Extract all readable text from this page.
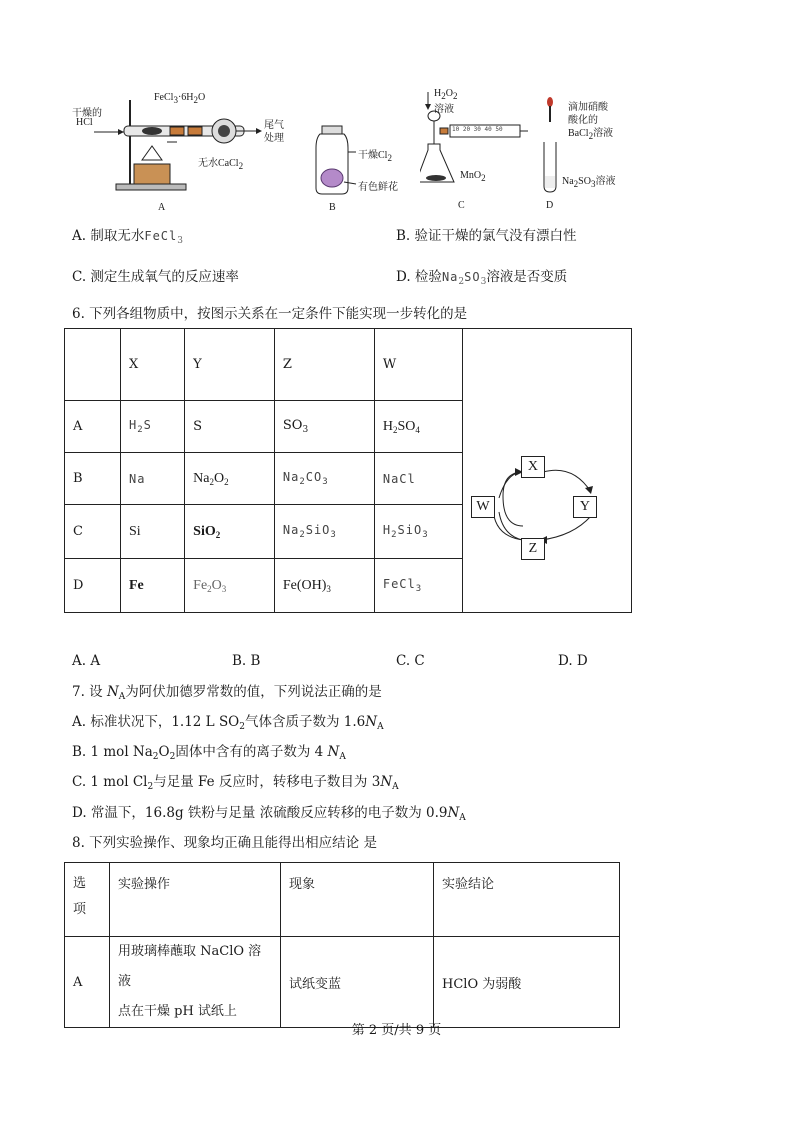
干燥的
HCl
$FeCl_3\cdot 6H_2O$
尾气
处理
无水CaCl$_2$
A
干燥$Cl_2$
有色鲜花
B
10 20 30 40 50
$H_2O_2$
溶液
MnO$_2$
C
滴加硝酸
酸化的
BaCl$_2$溶液
$Na_2SO_3$溶液
D
A. 制取无水FeCl$_3$	B. 验证干燥的氯气没有漂白性
C. 测定生成氧气的反应速率	D. 检验$Na_2SO_3$溶液是否变质
6. 下列各组物质中，按图示关系在一定条件下能实现一步转化的是
	X	Y	Z	W	X
Y
Z
W

A	$H_2S$	S	$SO_3$	$H_2SO_4$
B	Na	$Na_2O_2$	$Na_2CO_3$	NaCl	
C	Si	SiO$_2$	$Na_2SiO_3$	$H_2SiO_3$
D	Fe	$Fe_2O_3$	$Fe(OH)_3$	FeCl$_3$
A. A	B. B	C. C	D. D
7. 设 $N_A$为阿伏加德罗常数的值，下列说法正确的是
A. 标准状况下，1.12 L $SO_2$气体含质子数为 $1.6N_A$
B. 1 mol $Na_2O_2$固体中含有的离子数为 4 $N_A$
C. 1 mol $Cl_2$与足量 Fe 反应时，转移电子数目为 $3N_A$
D. 常温下，16.8g 铁粉与足量 浓硫酸反应转移的电子数为 $0.9N_A$
8. 下列实验操作、现象均正确且能得出相应结论 是
选
项	实验操作	现象	实验结论
A	用玻璃棒蘸取 NaClO 溶液
点在干燥 pH 试纸上	试纸变蓝	HClO 为弱酸
第 2 页/共 9 页
